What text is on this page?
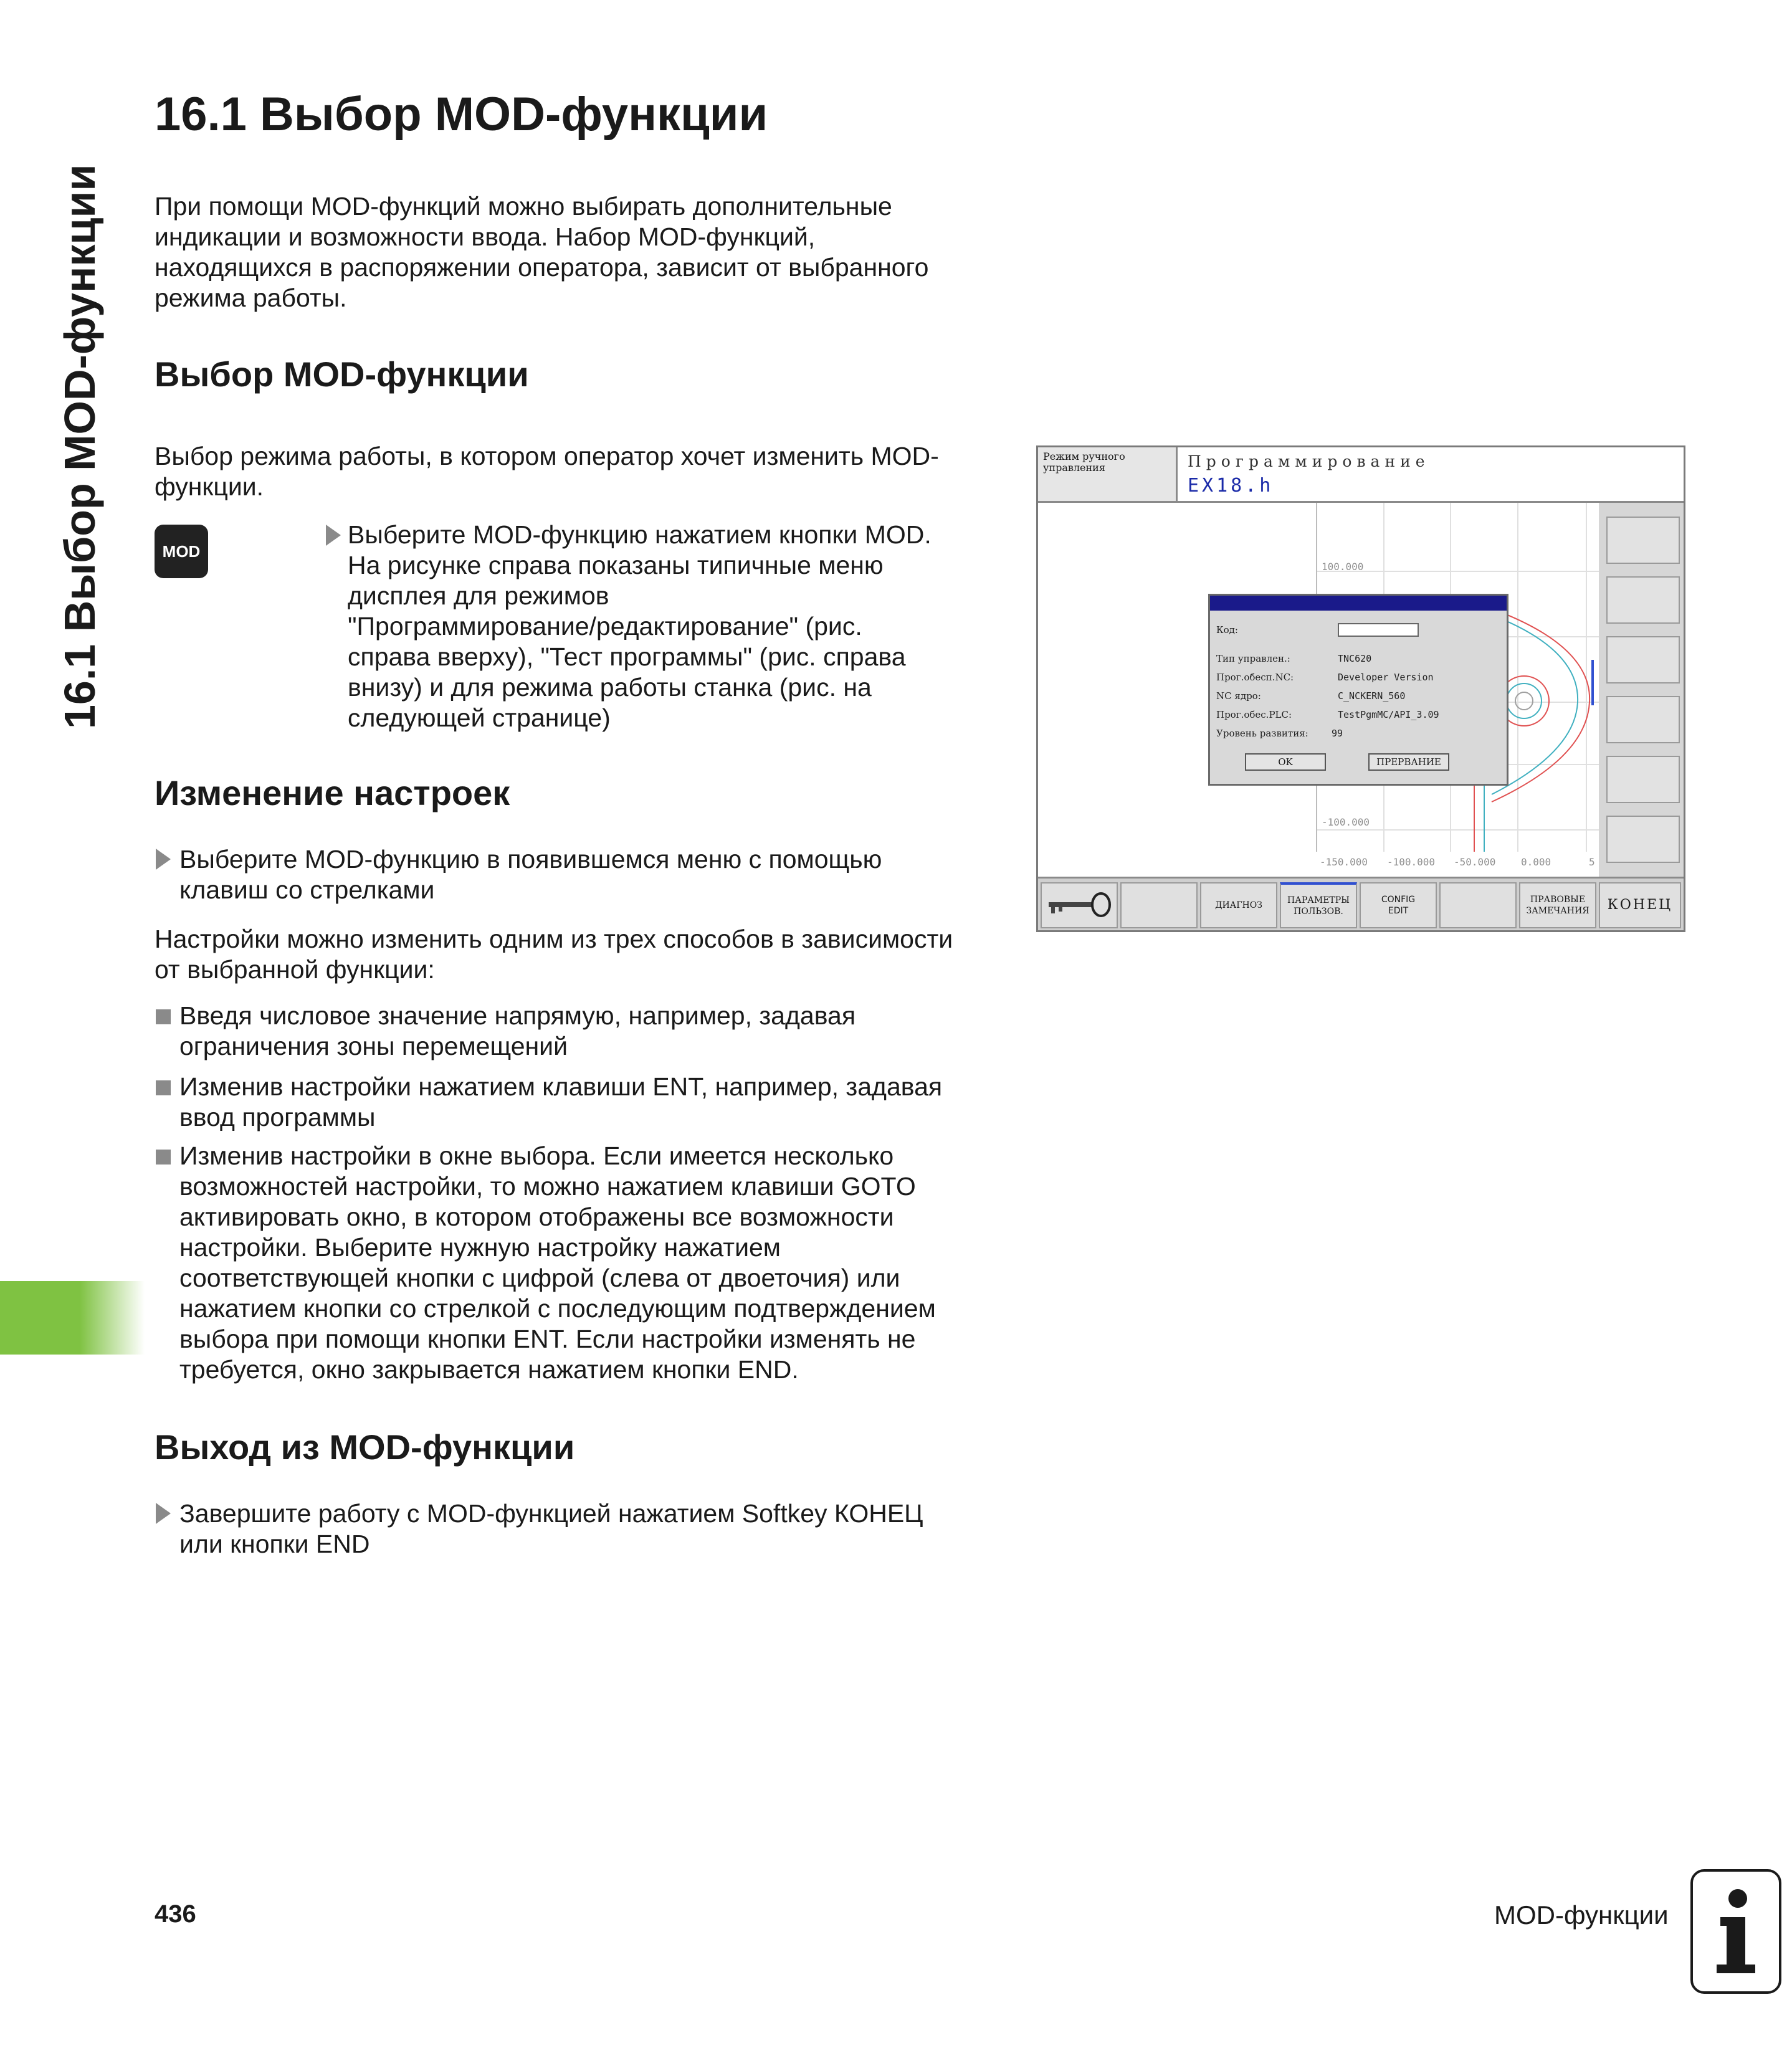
16.1 Выбор MOD-функции
16.1 Выбор MOD-функции
При помощи MOD-функций можно выбирать дополнительные
индикации и возможности ввода. Набор MOD-функций,
находящихся в распоряжении оператора, зависит от выбранного
режима работы.
Выбор MOD-функции
Выбор режима работы, в котором оператор хочет изменить MOD-
функции.
MOD
Выберите MOD-функцию нажатием кнопки MOD.
На рисунке справа показаны типичные меню
дисплея для режимов
"Программирование/редактирование" (рис.
справа вверху), "Тест программы" (рис. справа
внизу) и для режима работы станка (рис. на
следующей странице)
Изменение настроек
Выберите MOD-функцию в появившемся меню с помощью
клавиш со стрелками
Настройки можно изменить одним из трех способов в зависимости
от выбранной функции:
Введя числовое значение напрямую, например, задавая
ограничения зоны перемещений
Изменив настройки нажатием клавиши ENT, например, задавая
ввод программы
Изменив настройки в окне выбора. Если имеется несколько
возможностей настройки, то можно нажатием клавиши GOTO
активировать окно, в котором отображены все возможности
настройки. Выберите нужную настройку нажатием
соответствующей кнопки с цифрой (слева от двоеточия) или
нажатием кнопки со стрелкой с последующим подтверждением
выбора при помощи кнопки ENT. Если настройки изменять не
требуется, окно закрывается нажатием кнопки END.
Выход из MOD-функции
Завершите работу с MOD-функцией нажатием Softkey КОНЕЦ
или кнопки END
Режим ручного
управления	Программирование
EX18.h
100.000
-100.000
-150.000 -100.000 -50.000	0.000	5
Код:
Тип управлен.:	TNC620
Прог.обесп.NC:	Developer Version
NC ядро:	C_NCKERN_560
Прог.обес.PLC:	TestPgmMC/API_3.09
Уровень развития: 99
OK	ПРЕРВАНИЕ
ДИАГНОЗ	ПАРАМЕТРЫ
ПОЛЬЗОВ.
CONFIG
EDIT
ПРАВОВЫЕ
ЗАМЕЧАНИЯ КОНЕЦ
436	MOD-функции
